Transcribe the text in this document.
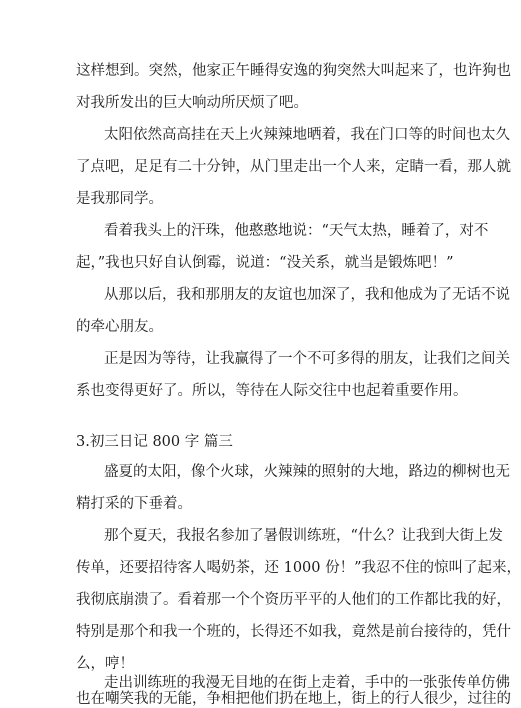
这样想到。突然，他家正午睡得安逸的狗突然大叫起来了，也许狗也
对我所发出的巨大响动所厌烦了吧。
太阳依然高高挂在天上火辣辣地晒着，我在门口等的时间也太久
了点吧，足足有二十分钟，从门里走出一个人来，定睛一看，那人就
是我那同学。
看着我头上的汗珠，他憨憨地说：“天气太热，睡着了，对不
起，”我也只好自认倒霉，说道：“没关系，就当是锻炼吧！”
从那以后，我和那朋友的友谊也加深了，我和他成为了无话不说
的牵心朋友。
正是因为等待，让我赢得了一个不可多得的朋友，让我们之间关
系也变得更好了。所以，等待在人际交往中也起着重要作用。
3.初三日记 800 字 篇三
盛夏的太阳，像个火球，火辣辣的照射的大地，路边的柳树也无
精打采的下垂着。
那个夏天，我报名参加了暑假训练班，“什么？让我到大街上发
传单，还要招待客人喝奶茶，还 1000 份！”我忍不住的惊叫了起来，
我彻底崩溃了。看着那一个个资历平平的人他们的工作都比我的好，
特别是那个和我一个班的，长得还不如我，竟然是前台接待的，凭什
么，哼！
走出训练班的我漫无目地的在街上走着，手中的一张张传单仿佛
也在嘲笑我的无能，争相把他们扔在地上，街上的行人很少，过往的
